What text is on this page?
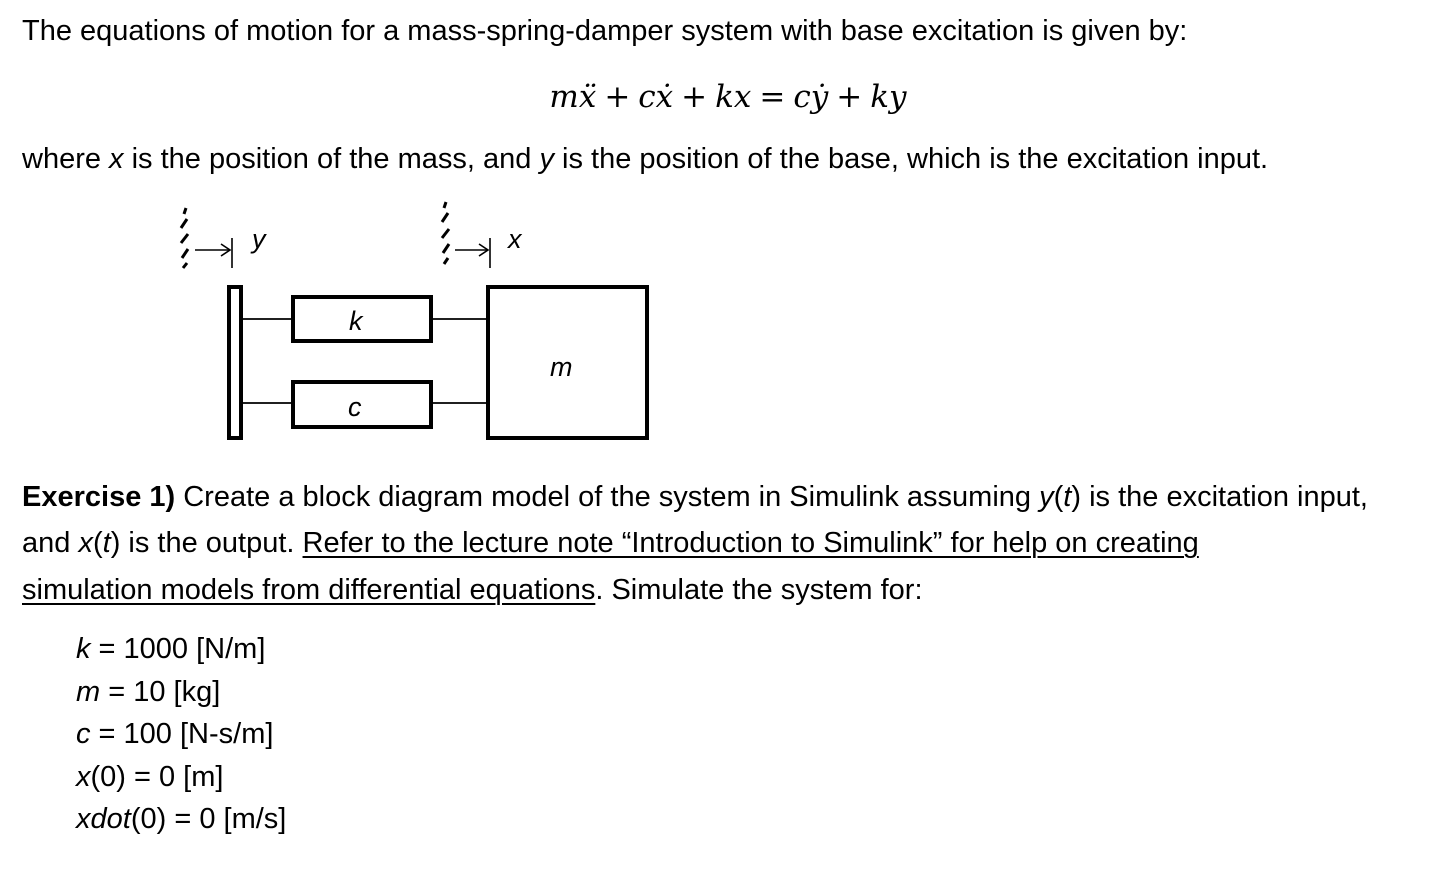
The equations of motion for a mass-spring-damper system with base excitation is given by:
mẍ + cẋ + kx = cẏ + ky
where x is the position of the mass, and y is the position of the base, which is the excitation input.
y	x
k
c
m
Exercise 1) Create a block diagram model of the system in Simulink assuming y(t) is the excitation input,
and x(t) is the output. Refer to the lecture note “Introduction to Simulink” for help on creating
simulation models from differential equations. Simulate the system for:
k = 1000 [N/m]
m = 10 [kg]
c = 100 [N-s/m]
x(0) = 0 [m]
xdot(0) = 0 [m/s]
